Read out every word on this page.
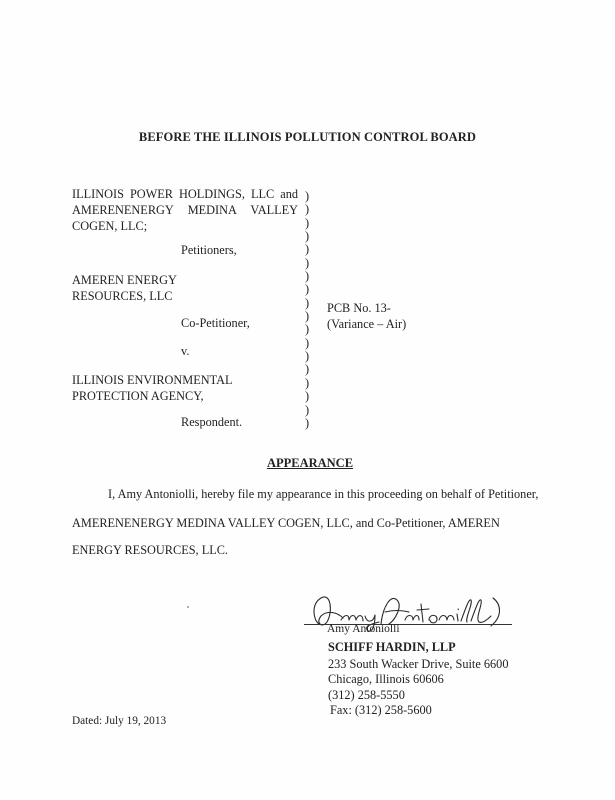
BEFORE THE ILLINOIS POLLUTION CONTROL BOARD
ILLINOIS POWER HOLDINGS, LLC and
AMERENENERGY MEDINA VALLEY
COGEN, LLC;
Petitioners,
AMEREN ENERGY
RESOURCES, LLC
Co-Petitioner,
v.
ILLINOIS ENVIRONMENTAL
PROTECTION AGENCY,
Respondent.
)
)
)
)
)
)
)
)
)
)
)
)
)
)
)
)
)
)
PCB No. 13-
(Variance – Air)
APPEARANCE
I, Amy Antoniolli, hereby file my appearance in this proceeding on behalf of Petitioner,
AMERENENERGY MEDINA VALLEY COGEN, LLC, and Co-Petitioner, AMEREN
ENERGY RESOURCES, LLC.
Amy Antoniolli
SCHIFF HARDIN, LLP
233 South Wacker Drive, Suite 6600
Chicago, Illinois 60606
(312) 258-5550
Fax: (312) 258-5600
Dated: July 19, 2013
